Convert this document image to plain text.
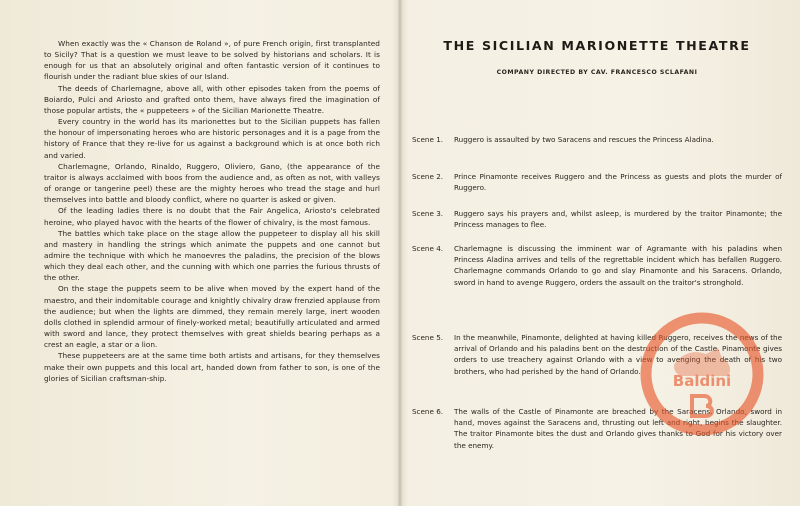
When exactly was the « Chanson de Roland », of pure French origin, first transplanted to Sicily? That is a question we must leave to be solved by historians and scholars. It is enough for us that an absolutely original and often fantastic version of it continues to flourish under the radiant blue skies of our Island.

The deeds of Charlemagne, above all, with other episodes taken from the poems of Boiardo, Pulci and Ariosto and grafted onto them, have always fired the imagination of those popular artists, the « puppeteers » of the Sicilian Marionette Theatre.

Every country in the world has its marionettes but to the Sicilian puppets has fallen the honour of impersonating heroes who are historic personages and it is a page from the history of France that they re-live for us against a background which is at once both rich and varied.

Charlemagne, Orlando, Rinaldo, Ruggero, Oliviero, Gano, (the appearance of the traitor is always acclaimed with boos from the audience and, as often as not, with valleys of orange or tangerine peel) these are the mighty heroes who tread the stage and hurl themselves into battle and bloody conflict, where no quarter is asked or given.

Of the leading ladies there is no doubt that the Fair Angelica, Ariosto's celebrated heroine, who played havoc with the hearts of the flower of chivalry, is the most famous.

The battles which take place on the stage allow the puppeteer to display all his skill and mastery in handling the strings which animate the puppets and one cannot but admire the technique with which he manoevres the paladins, the precision of the blows which they deal each other, and the cunning with which one parries the furious thrusts of the other.

On the stage the puppets seem to be alive when moved by the expert hand of the maestro, and their indomitable courage and knightly chivalry draw frenzied applause from the audience; but when the lights are dimmed, they remain merely large, inert wooden dolls clothed in splendid armour of finely-worked metal; beautifully articulated and armed with sword and lance, they protect themselves with great shields bearing perhaps as a crest an eagle, a star or a lion.

These puppeteers are at the same time both artists and artisans, for they themselves make their own puppets and this local art, handed down from father to son, is one of the glories of Sicilian craftsman-ship.

THE SICILIAN MARIONETTE THEATRE
COMPANY DIRECTED BY CAV. FRANCESCO SCLAFANI
Scene 1.	Ruggero is assaulted by two Saracens and rescues the Princess Aladina.
Scene 2.	Prince Pinamonte receives Ruggero and the Princess as guests and plots the murder of Ruggero.
Scene 3.	Ruggero says his prayers and, whilst asleep, is murdered by the traitor Pinamonte; the Princess manages to flee.
Scene 4.	Charlemagne is discussing the imminent war of Agramante with his paladins when Princess Aladina arrives and tells of the regrettable incident which has befallen Ruggero. Charlemagne commands Orlando to go and slay Pinamonte and his Saracens. Orlando, sword in hand to avenge Ruggero, orders the assault on the traitor's stronghold.
Scene 5.	In the meanwhile, Pinamonte, delighted at having killed Ruggero, receives the news of the arrival of Orlando and his paladins bent on the destruction of the Castle. Pinamonte gives orders to use treachery against Orlando with a view to avenging the death of his two brothers, who had perished by the hand of Orlando.
Scene 6.	The walls of the Castle of Pinamonte are breached by the Saracens. Orlando, sword in hand, moves against the Saracens and, thrusting out left and right, begins the slaughter. The traitor Pinamonte bites the dust and Orlando gives thanks to God for his victory over the enemy.
Baldini
